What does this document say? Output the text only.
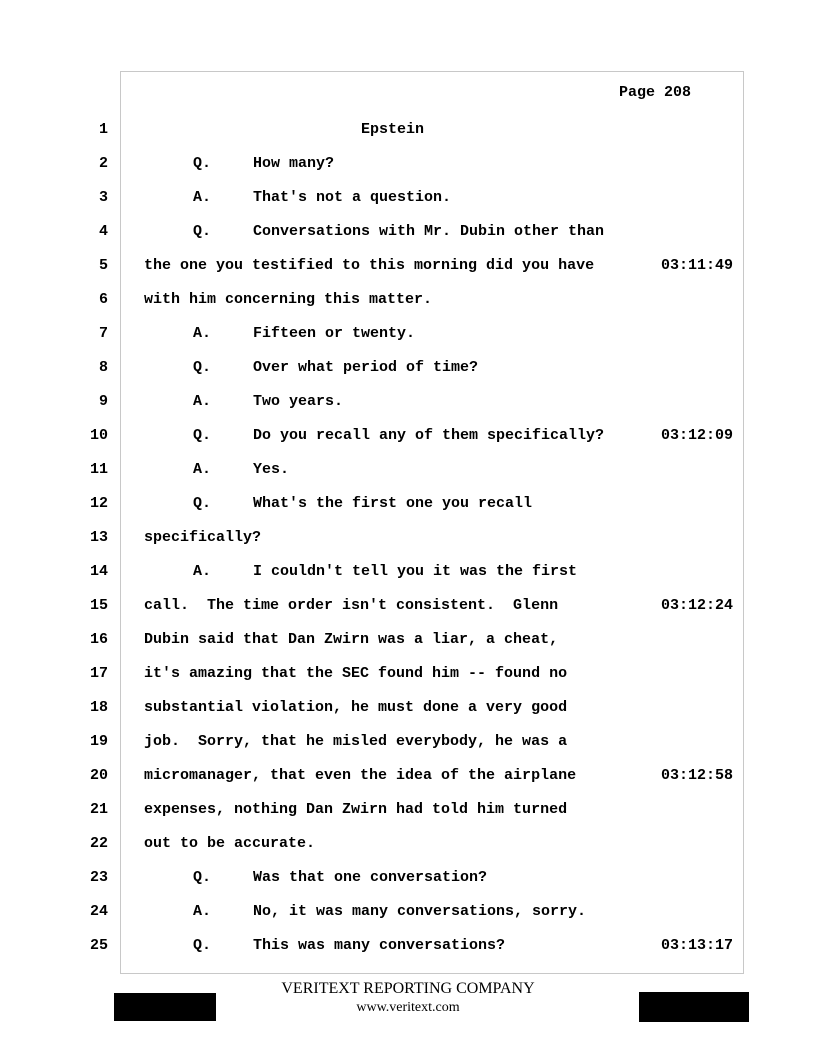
Page 208
1	Epstein
2	Q.	How many?
3	A.	That's not a question.
4	Q.	Conversations with Mr. Dubin other than
5 the one you testified to this morning did you have	03:11:49
6 with him concerning this matter.
7	A.	Fifteen or twenty.
8	Q.	Over what period of time?
9	A.	Two years.
10	Q.	Do you recall any of them specifically?	03:12:09
11	A.	Yes.
12	Q.	What's the first one you recall
13 specifically?
14	A.	I couldn't tell you it was the first
15 call.  The time order isn't consistent.  Glenn	03:12:24
16 Dubin said that Dan Zwirn was a liar, a cheat,
17 it's amazing that the SEC found him -- found no
18 substantial violation, he must done a very good
19 job.  Sorry, that he misled everybody, he was a
20 micromanager, that even the idea of the airplane	03:12:58
21 expenses, nothing Dan Zwirn had told him turned
22 out to be accurate.
23	Q.	Was that one conversation?
24	A.	No, it was many conversations, sorry.
25	Q.	This was many conversations?	03:13:17
VERITEXT REPORTING COMPANY
www.veritext.com
